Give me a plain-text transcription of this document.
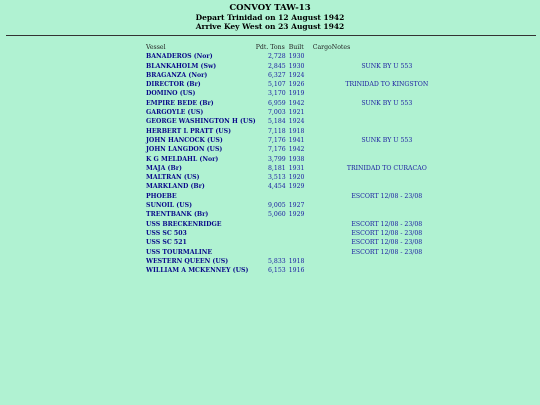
CONVOY TAW-13
Depart Trinidad on 12 August 1942
Arrive Key West on 23 August 1942
Vessel	Pdt. Tons	Built	Cargo	Notes
BANADEROS (Nor)	2,728	1930		
BLANKAHOLM (Sw)	2,845	1930		SUNK BY U 553
BRAGANZA (Nor)	6,327	1924		
DIRECTOR (Br)	5,107	1926		TRINIDAD TO KINGSTON
DOMINO (US)	3,170	1919		
EMPIRE BEDE (Br)	6,959	1942		SUNK BY U 553
GARGOYLE (US)	7,003	1921		
GEORGE WASHINGTON H (US)	5,184	1924		
HERBERT L PRATT (US)	7,118	1918		
JOHN HANCOCK (US)	7,176	1941		SUNK BY U 553
JOHN LANGDON (US)	7,176	1942		
K G MELDAHL (Nor)	3,799	1938		
MAJA (Br)	8,181	1931		TRINIDAD TO CURACAO
MALTRAN (US)	3,513	1920		
MARKLAND (Br)	4,454	1929		
PHOEBE				ESCORT 12/08 - 23/08
SUNOIL (US)	9,005	1927		
TRENTBANK (Br)	5,060	1929		
USS BRECKENRIDGE				ESCORT 12/08 - 23/08
USS SC 503				ESCORT 12/08 - 23/08
USS SC 521				ESCORT 12/08 - 23/08
USS TOURMALINE				ESCORT 12/08 - 23/08
WESTERN QUEEN (US)	5,833	1918		
WILLIAM A MCKENNEY (US)	6,153	1916		
